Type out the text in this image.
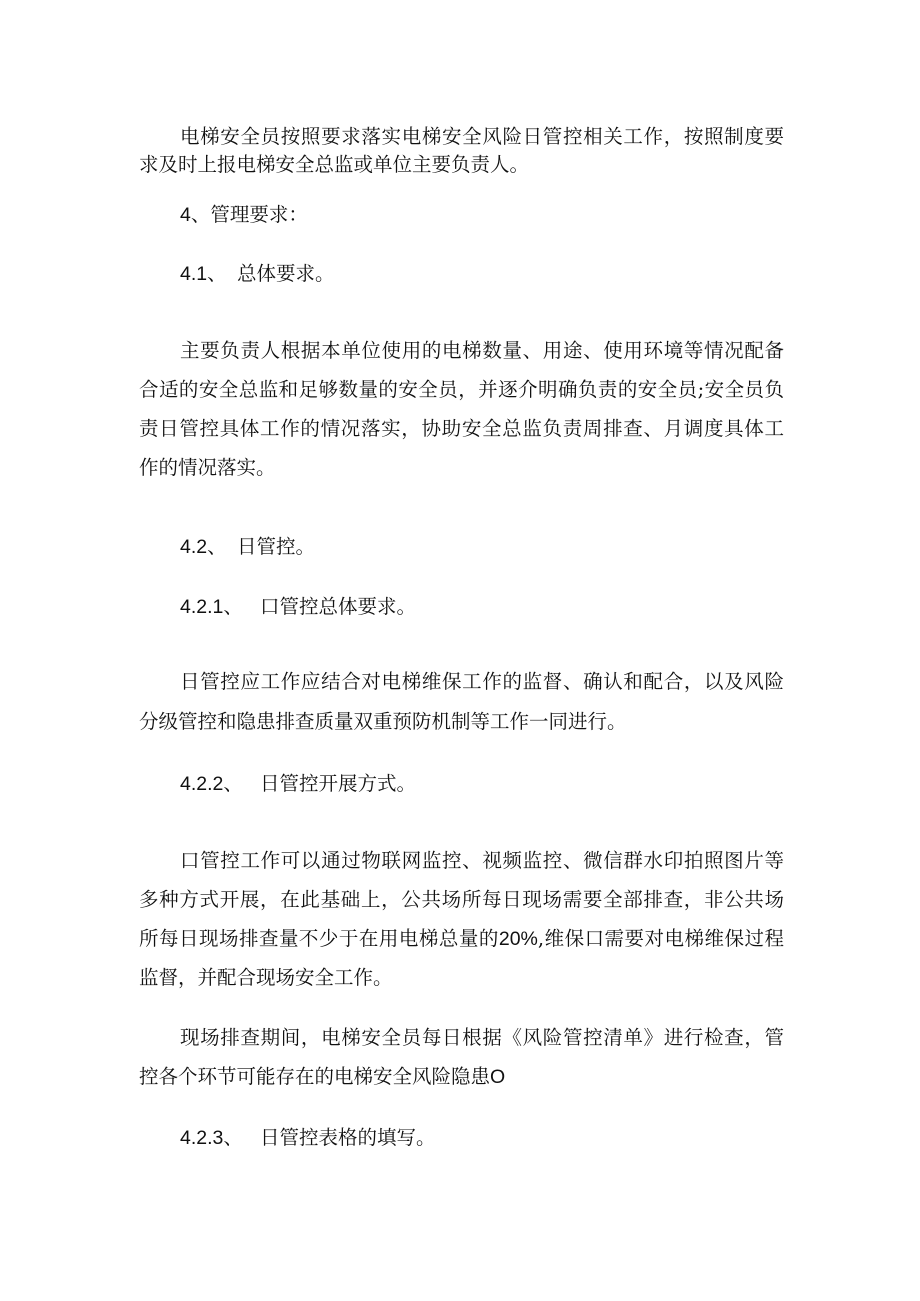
电梯安全员按照要求落实电梯安全风险日管控相关工作，按照制度要
求及时上报电梯安全总监或单位主要负责人。
4、管理要求：
4.1、 总体要求。
主要负责人根据本单位使用的电梯数量、用途、使用环境等情况配备
合适的安全总监和足够数量的安全员，并逐介明确负责的安全员;安全员负
责日管控具体工作的情况落实，协助安全总监负责周排查、月调度具体工
作的情况落实。
4.2、 日管控。
4.2.1、 口管控总体要求。
日管控应工作应结合对电梯维保工作的监督、确认和配合，以及风险
分级管控和隐患排查质量双重预防机制等工作一同进行。
4.2.2、 日管控开展方式。
口管控工作可以通过物联网监控、视频监控、微信群水印拍照图片等
多种方式开展，在此基础上，公共场所每日现场需要全部排查，非公共场
所每日现场排查量不少于在用电梯总量的20%,维保口需要对电梯维保过程
监督，并配合现场安全工作。
现场排查期间，电梯安全员每日根据《风险管控清单》进行检查，管
控各个环节可能存在的电梯安全风险隐患O
4.2.3、 日管控表格的填写。
